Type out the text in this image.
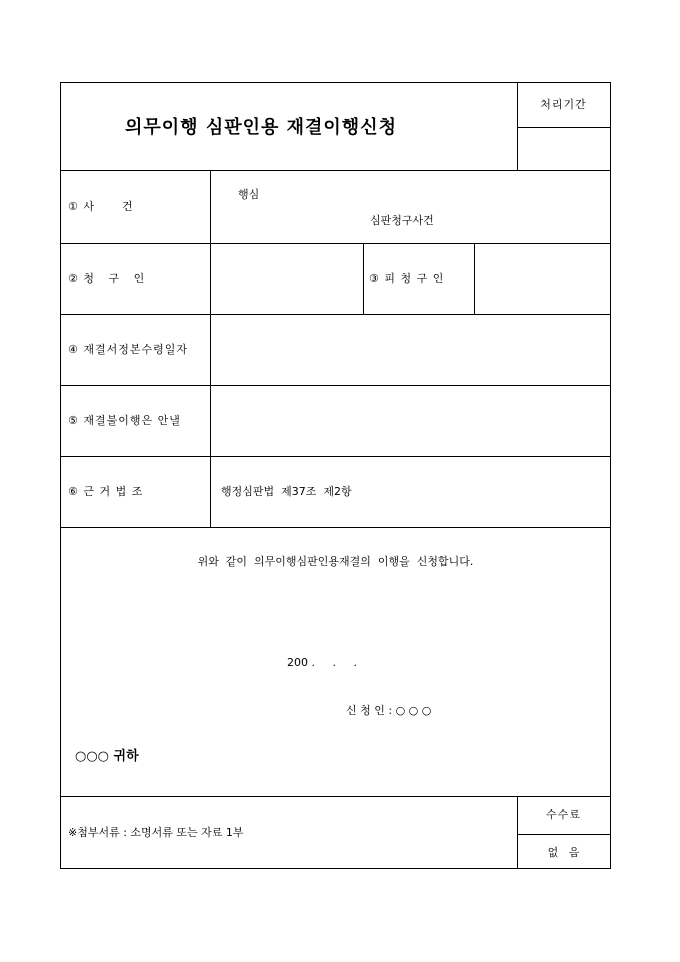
의무이행 심판인용 재결이행신청
처리기간
① 사      건
행심
심판청구사건
② 청   구   인	③ 피 청 구 인
④ 재결서정본수령일자
⑤ 재결불이행은 안낼
⑥ 근 거 법 조	행정심판법  제37조  제2항
위와  같이  의무이행심판인용재결의  이행을  신청합니다.
200 .     .     .
신 청 인 : ○ ○ ○
○○○ 귀하
※첨부서류 : 소명서류 또는 자료 1부
수수료
없   음
